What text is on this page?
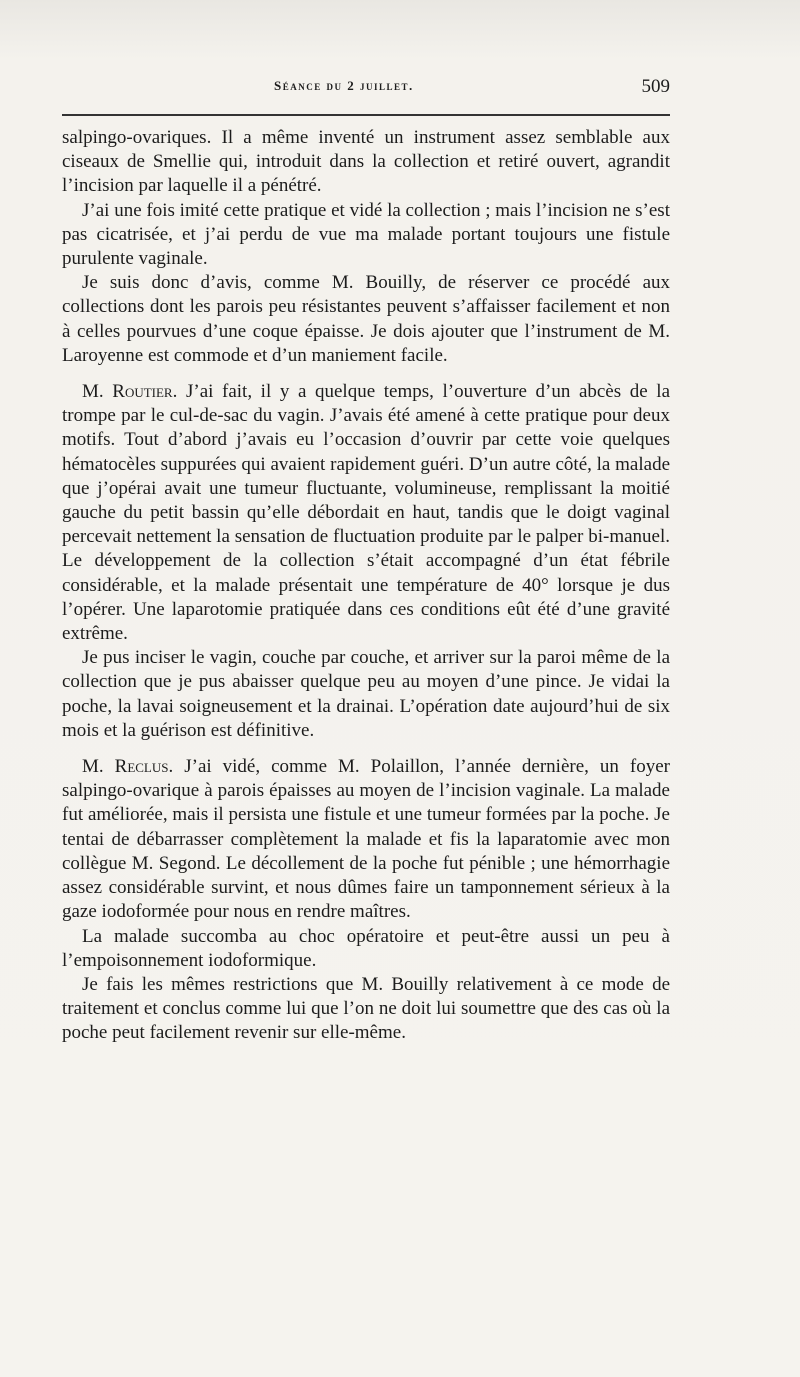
Séance du 2 juillet.	509

salpingo-ovariques. Il a même inventé un instrument assez semblable aux ciseaux de Smellie qui, introduit dans la collection et retiré ouvert, agrandit l’incision par laquelle il a pénétré.

J’ai une fois imité cette pratique et vidé la collection ; mais l’incision ne s’est pas cicatrisée, et j’ai perdu de vue ma malade portant toujours une fistule purulente vaginale.

Je suis donc d’avis, comme M. Bouilly, de réserver ce procédé aux collections dont les parois peu résistantes peuvent s’affaisser facilement et non à celles pourvues d’une coque épaisse. Je dois ajouter que l’instrument de M. Laroyenne est commode et d’un maniement facile.

M. Routier. J’ai fait, il y a quelque temps, l’ouverture d’un abcès de la trompe par le cul-de-sac du vagin. J’avais été amené à cette pratique pour deux motifs. Tout d’abord j’avais eu l’occasion d’ouvrir par cette voie quelques hématocèles suppurées qui avaient rapidement guéri. D’un autre côté, la malade que j’opérai avait une tumeur fluctuante, volumineuse, remplissant la moitié gauche du petit bassin qu’elle débordait en haut, tandis que le doigt vaginal percevait nettement la sensation de fluctuation produite par le palper bi-manuel. Le développement de la collection s’était accompagné d’un état fébrile considérable, et la malade présentait une température de 40° lorsque je dus l’opérer. Une laparotomie pratiquée dans ces conditions eût été d’une gravité extrême.

Je pus inciser le vagin, couche par couche, et arriver sur la paroi même de la collection que je pus abaisser quelque peu au moyen d’une pince. Je vidai la poche, la lavai soigneusement et la drainai. L’opération date aujourd’hui de six mois et la guérison est définitive.

M. Reclus. J’ai vidé, comme M. Polaillon, l’année dernière, un foyer salpingo-ovarique à parois épaisses au moyen de l’incision vaginale. La malade fut améliorée, mais il persista une fistule et une tumeur formées par la poche. Je tentai de débarrasser complètement la malade et fis la laparatomie avec mon collègue M. Segond. Le décollement de la poche fut pénible ; une hémorrhagie assez considérable survint, et nous dûmes faire un tamponnement sérieux à la gaze iodoformée pour nous en rendre maîtres.

La malade succomba au choc opératoire et peut-être aussi un peu à l’empoisonnement iodoformique.

Je fais les mêmes restrictions que M. Bouilly relativement à ce mode de traitement et conclus comme lui que l’on ne doit lui soumettre que des cas où la poche peut facilement revenir sur elle-même.
